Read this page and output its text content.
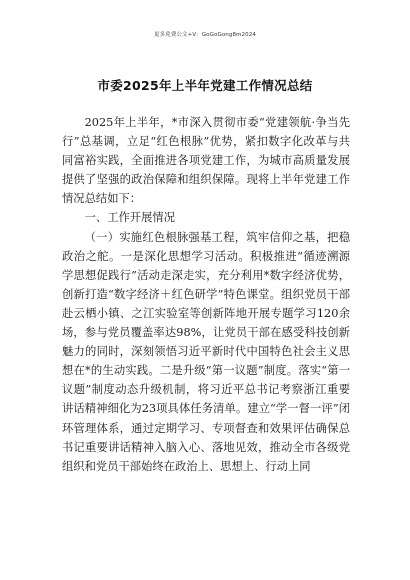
更多免费公文+V：GoGoGong8m2024
市委2025年上半年党建工作情况总结

2025年上半年，*市深入贯彻市委“党建领航·争当先行”总基调，立足“红色根脉”优势，紧扣数字化改革与共同富裕实践，全面推进各项党建工作，为城市高质量发展提供了坚强的政治保障和组织保障。现将上半年党建工作情况总结如下：

一、工作开展情况

（一）实施红色根脉强基工程，筑牢信仰之基，把稳政治之舵。一是深化思想学习活动。积极推进“循迹溯源学思想促践行”活动走深走实，充分利用*数字经济优势，创新打造“数字经济＋红色研学”特色课堂。组织党员干部赴云栖小镇、之江实验室等创新阵地开展专题学习120余场，参与党员覆盖率达98%，让党员干部在感受科技创新魅力的同时，深刻领悟习近平新时代中国特色社会主义思想在*的生动实践。二是升级“第一议题”制度。落实“第一议题”制度动态升级机制，将习近平总书记考察浙江重要讲话精神细化为23项具体任务清单。建立“学一督一评”闭环管理体系，通过定期学习、专项督查和效果评估确保总书记重要讲话精神入脑入心、落地见效，推动全市各级党组织和党员干部始终在政治上、思想上、行动上同
